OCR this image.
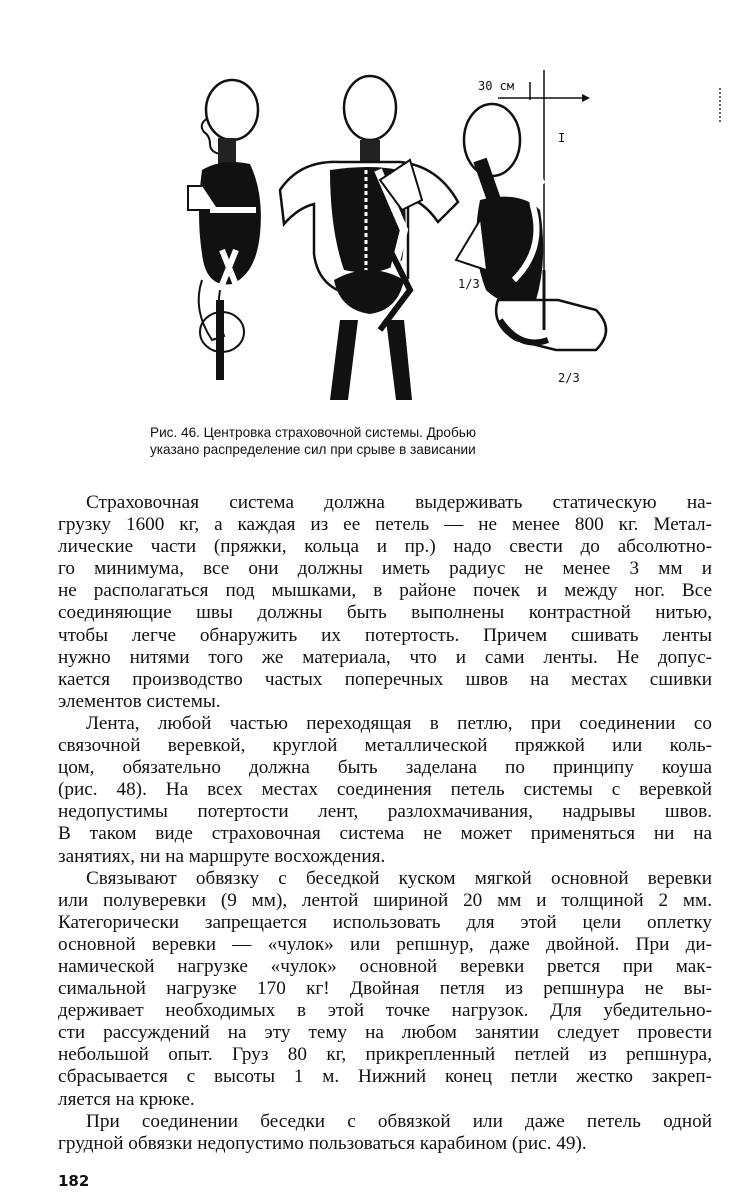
30 см
I
1/3
2/3
Рис. 46. Центровка страховочной системы. Дробью
указано распределение сил при срыве в зависании

Страховочная система должна выдерживать статическую на-
грузку 1600 кг, а каждая из ее петель — не менее 800 кг. Метал-
лические части (пряжки, кольца и пр.) надо свести до абсолютно-
го минимума, все они должны иметь радиус не менее 3 мм и
не располагаться под мышками, в районе почек и между ног. Все
соединяющие швы должны быть выполнены контрастной нитью,
чтобы легче обнаружить их потертость. Причем сшивать ленты
нужно нитями того же материала, что и сами ленты. Не допус-
кается производство частых поперечных швов на местах сшивки
элементов системы.

Лента, любой частью переходящая в петлю, при соединении со
связочной веревкой, круглой металлической пряжкой или коль-
цом, обязательно должна быть заделана по принципу коуша
(рис. 48). На всех местах соединения петель системы с веревкой
недопустимы потертости лент, разлохмачивания, надрывы швов.
В таком виде страховочная система не может применяться ни на
занятиях, ни на маршруте восхождения.

Связывают обвязку с беседкой куском мягкой основной веревки
или полуверевки (9 мм), лентой шириной 20 мм и толщиной 2 мм.
Категорически запрещается использовать для этой цели оплетку
основной веревки — «чулок» или репшнур, даже двойной. При ди-
намической нагрузке «чулок» основной веревки рвется при мак-
симальной нагрузке 170 кг! Двойная петля из репшнура не вы-
держивает необходимых в этой точке нагрузок. Для убедительно-
сти рассуждений на эту тему на любом занятии следует провести
небольшой опыт. Груз 80 кг, прикрепленный петлей из репшнура,
сбрасывается с высоты 1 м. Нижний конец петли жестко закреп-
ляется на крюке.

При соединении беседки с обвязкой или даже петель одной
грудной обвязки недопустимо пользоваться карабином (рис. 49).

182
